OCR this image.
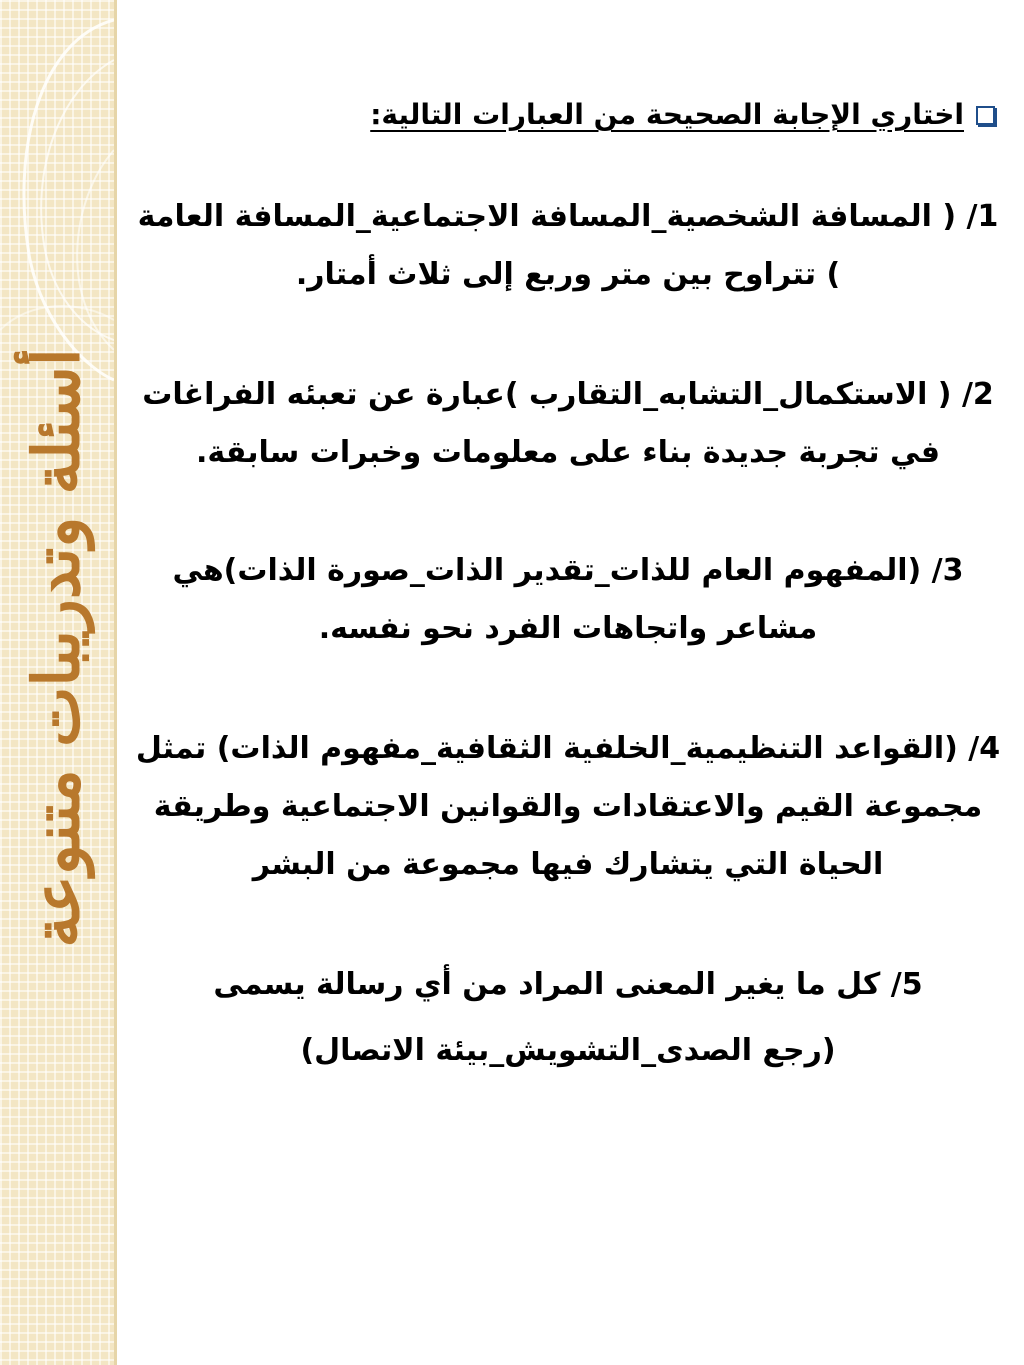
أسئلة وتدريبات متنوعة
اختاري الإجابة الصحيحة من العبارات التالية:

1/ ( المسافة الشخصية_المسافة الاجتماعية_المسافة العامة ) تتراوح بين متر وربع إلى ثلاث أمتار.

2/ ( الاستكمال_التشابه_التقارب )عبارة عن تعبئه الفراغات في تجربة جديدة بناء على معلومات وخبرات سابقة.

3/ (المفهوم العام للذات_تقدير الذات_صورة الذات)هي مشاعر واتجاهات الفرد نحو نفسه.

4/ (القواعد التنظيمية_الخلفية الثقافية_مفهوم الذات) تمثل مجموعة القيم والاعتقادات والقوانين الاجتماعية وطريقة الحياة التي يتشارك فيها مجموعة من البشر

5/ كل ما يغير المعنى المراد من أي رسالة يسمى
(رجع الصدى_التشويش_بيئة الاتصال)
